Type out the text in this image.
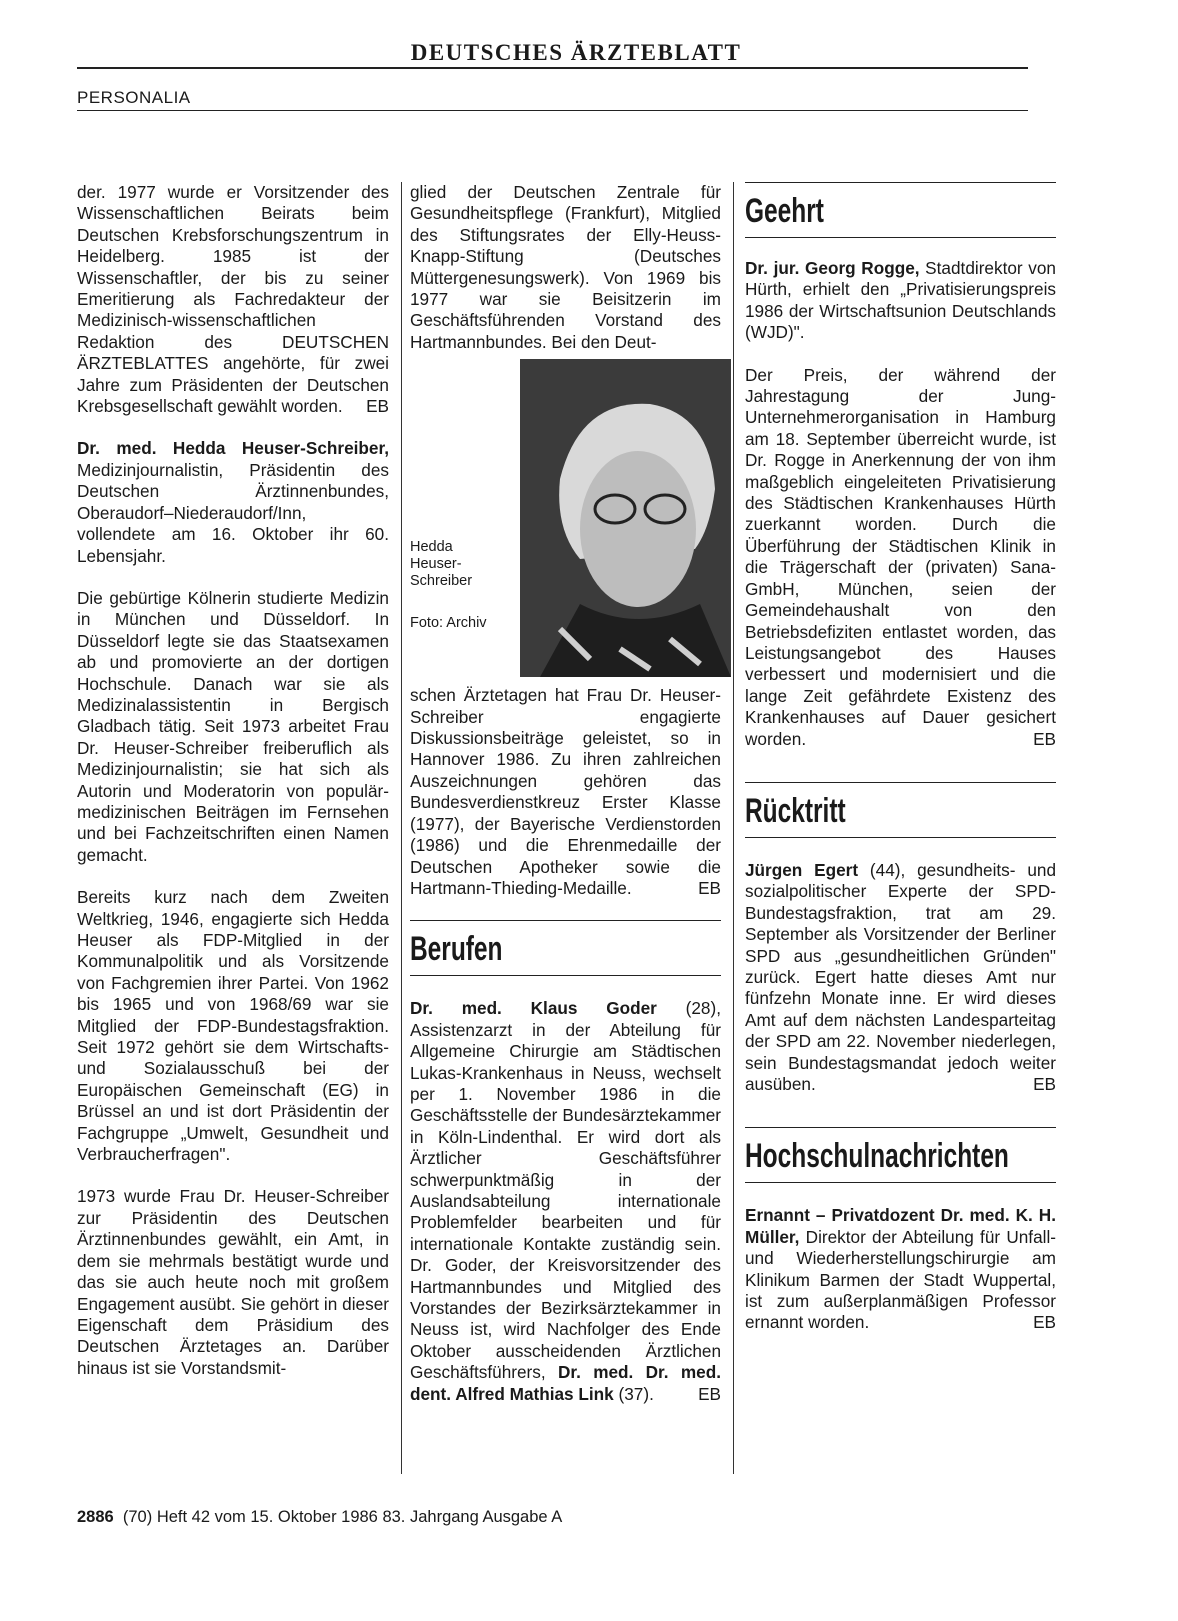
DEUTSCHES ÄRZTEBLATT
PERSONALIA

der. 1977 wurde er Vorsitzender des Wissenschaftlichen Beirats beim Deutschen Krebsforschungszentrum in Heidelberg. 1985 ist der Wissenschaftler, der bis zu seiner Emeritierung als Fachredakteur der Medizinisch-wissenschaftlichen Redaktion des DEUTSCHEN ÄRZTEBLATTES angehörte, für zwei Jahre zum Präsidenten der Deutschen Krebsgesellschaft gewählt worden. EB

Dr. med. Hedda Heuser-Schreiber, Medizinjournalistin, Präsidentin des Deutschen Ärztinnenbundes, Oberaudorf–Niederaudorf/Inn, vollendete am 16. Oktober ihr 60. Lebensjahr.

Die gebürtige Kölnerin studierte Medizin in München und Düsseldorf. In Düsseldorf legte sie das Staatsexamen ab und promovierte an der dortigen Hochschule. Danach war sie als Medizinalassistentin in Bergisch Gladbach tätig. Seit 1973 arbeitet Frau Dr. Heuser-Schreiber freiberuflich als Medizinjournalistin; sie hat sich als Autorin und Moderatorin von populär-medizinischen Beiträgen im Fernsehen und bei Fachzeitschriften einen Namen gemacht.

Bereits kurz nach dem Zweiten Weltkrieg, 1946, engagierte sich Hedda Heuser als FDP-Mitglied in der Kommunalpolitik und als Vorsitzende von Fachgremien ihrer Partei. Von 1962 bis 1965 und von 1968/69 war sie Mitglied der FDP-Bundestagsfraktion. Seit 1972 gehört sie dem Wirtschafts- und Sozialausschuß bei der Europäischen Gemeinschaft (EG) in Brüssel an und ist dort Präsidentin der Fachgruppe „Umwelt, Gesundheit und Verbraucherfragen".

1973 wurde Frau Dr. Heuser-Schreiber zur Präsidentin des Deutschen Ärztinnenbundes gewählt, ein Amt, in dem sie mehrmals bestätigt wurde und das sie auch heute noch mit großem Engagement ausübt. Sie gehört in dieser Eigenschaft dem Präsidium des Deutschen Ärztetages an. Darüber hinaus ist sie Vorstandsmit-

glied der Deutschen Zentrale für Gesundheitspflege (Frankfurt), Mitglied des Stiftungsrates der Elly-Heuss-Knapp-Stiftung (Deutsches Müttergenesungswerk). Von 1969 bis 1977 war sie Beisitzerin im Geschäftsführenden Vorstand des Hartmannbundes. Bei den Deut-

Hedda Heuser-Schreiber
Foto: Archiv

schen Ärztetagen hat Frau Dr. Heuser-Schreiber engagierte Diskussionsbeiträge geleistet, so in Hannover 1986. Zu ihren zahlreichen Auszeichnungen gehören das Bundesverdienstkreuz Erster Klasse (1977), der Bayerische Verdienstorden (1986) und die Ehrenmedaille der Deutschen Apotheker sowie die Hartmann-Thieding-Medaille.	EB

Berufen

Dr. med. Klaus Goder (28), Assistenzarzt in der Abteilung für Allgemeine Chirurgie am Städtischen Lukas-Krankenhaus in Neuss, wechselt per 1. November 1986 in die Geschäftsstelle der Bundesärztekammer in Köln-Lindenthal. Er wird dort als Ärztlicher Geschäftsführer schwerpunktmäßig in der Auslandsabteilung internationale Problemfelder bearbeiten und für internationale Kontakte zuständig sein. Dr. Goder, der Kreisvorsitzender des Hartmannbundes und Mitglied des Vorstandes der Bezirksärztekammer in Neuss ist, wird Nachfolger des Ende Oktober ausscheidenden Ärztlichen Geschäftsführers, Dr. med. Dr. med. dent. Alfred Mathias Link (37).	EB

Geehrt

Dr. jur. Georg Rogge, Stadtdirektor von Hürth, erhielt den „Privatisierungspreis 1986 der Wirtschaftsunion Deutschlands (WJD)".

Der Preis, der während der Jahrestagung der Jung-Unternehmerorganisation in Hamburg am 18. September überreicht wurde, ist Dr. Rogge in Anerkennung der von ihm maßgeblich eingeleiteten Privatisierung des Städtischen Krankenhauses Hürth zuerkannt worden. Durch die Überführung der Städtischen Klinik in die Trägerschaft der (privaten) Sana-GmbH, München, seien der Gemeindehaushalt von den Betriebsdefiziten entlastet worden, das Leistungsangebot des Hauses verbessert und modernisiert und die lange Zeit gefährdete Existenz des Krankenhauses auf Dauer gesichert worden.	EB

Rücktritt

Jürgen Egert (44), gesundheits- und sozialpolitischer Experte der SPD-Bundestagsfraktion, trat am 29. September als Vorsitzender der Berliner SPD aus „gesundheitlichen Gründen" zurück. Egert hatte dieses Amt nur fünfzehn Monate inne. Er wird dieses Amt auf dem nächsten Landesparteitag der SPD am 22. November niederlegen, sein Bundestagsmandat jedoch weiter ausüben.	EB

Hochschulnachrichten

Ernannt – Privatdozent Dr. med. K. H. Müller, Direktor der Abteilung für Unfall- und Wiederherstellungschirurgie am Klinikum Barmen der Stadt Wuppertal, ist zum außerplanmäßigen Professor ernannt worden.	EB

2886 (70) Heft 42 vom 15. Oktober 1986 83. Jahrgang Ausgabe A
